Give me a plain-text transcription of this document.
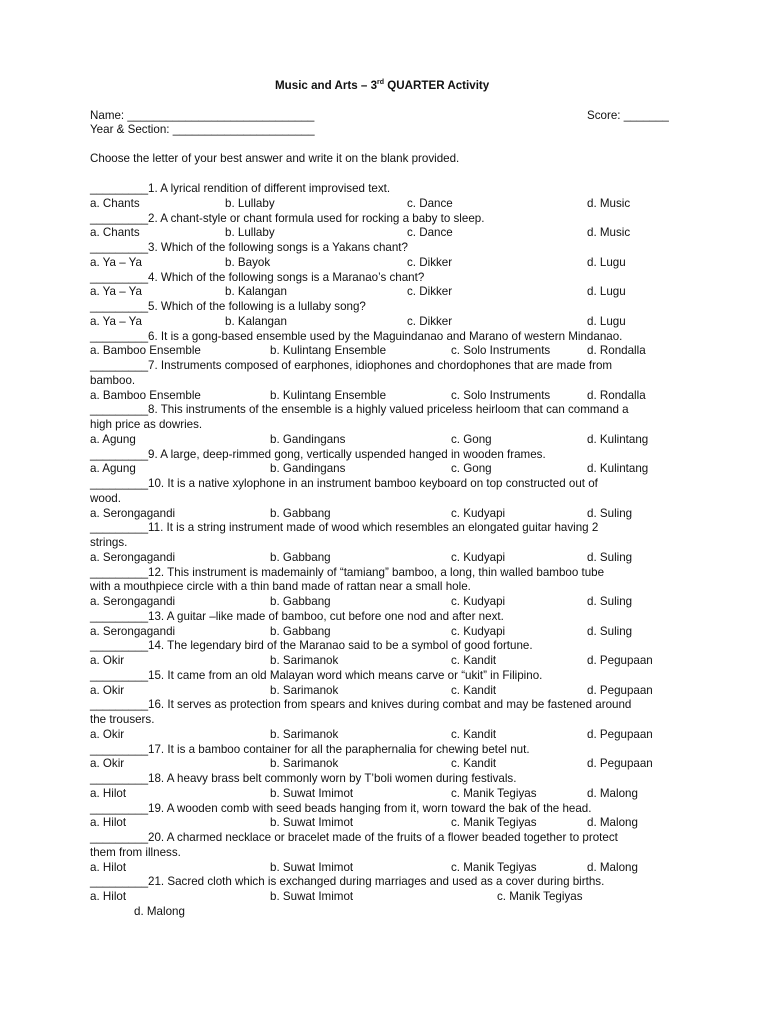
Music and Arts – 3rd QUARTER Activity
Name: _____________________________	Score: _______
Year & Section: ______________________
Choose the letter of your best answer and write it on the blank provided.
_________1. A lyrical rendition of different improvised text.
a. Chants	b. Lullaby	c. Dance	d. Music
_________2. A chant-style or chant formula used for rocking a baby to sleep.
a. Chants	b. Lullaby	c. Dance	d. Music
_________3. Which of the following songs is a Yakans chant?
a. Ya – Ya	b. Bayok	c. Dikker	d. Lugu
_________4. Which of the following songs is a Maranao’s chant?
a. Ya – Ya	b. Kalangan	c. Dikker	d. Lugu
_________5. Which of the following is a lullaby song?
a. Ya – Ya	b. Kalangan	c. Dikker	d. Lugu
_________6. It is a gong-based ensemble used by the Maguindanao and Marano of western Mindanao.
a. Bamboo Ensemble	b. Kulintang Ensemble	c. Solo Instruments	d. Rondalla
_________7. Instruments composed of earphones, idiophones and chordophones that are made from
bamboo.
a. Bamboo Ensemble	b. Kulintang Ensemble	c. Solo Instruments	d. Rondalla
_________8. This instruments of the ensemble is a highly valued priceless heirloom that can command a
high price as dowries.
a. Agung	b. Gandingans	c. Gong	d. Kulintang
_________9. A large, deep-rimmed gong, vertically uspended hanged in wooden frames.
a. Agung	b. Gandingans	c. Gong	d. Kulintang
_________10. It is a native xylophone in an instrument bamboo keyboard on top constructed out of
wood.
a. Serongagandi	b. Gabbang	c. Kudyapi	d. Suling
_________11. It is a string instrument made of wood which resembles an elongated guitar having 2
strings.
a. Serongagandi	b. Gabbang	c. Kudyapi	d. Suling
_________12. This instrument is mademainly of “tamiang” bamboo, a long, thin walled bamboo tube
with a mouthpiece circle with a thin band made of rattan near a small hole.
a. Serongagandi	b. Gabbang	c. Kudyapi	d. Suling
_________13. A guitar –like made of bamboo, cut before one nod and after next.
a. Serongagandi	b. Gabbang	c. Kudyapi	d. Suling
_________14. The legendary bird of the Maranao said to be a symbol of good fortune.
a. Okir	b. Sarimanok	c. Kandit	d. Pegupaan
_________15. It came from an old Malayan word which means carve or “ukit” in Filipino.
a. Okir	b. Sarimanok	c. Kandit	d. Pegupaan
_________16. It serves as protection from spears and knives during combat and may be fastened around
the trousers.
a. Okir	b. Sarimanok	c. Kandit	d. Pegupaan
_________17. It is a bamboo container for all the paraphernalia for chewing betel nut.
a. Okir	b. Sarimanok	c. Kandit	d. Pegupaan
_________18. A heavy brass belt commonly worn by T’boli women during festivals.
a. Hilot	b. Suwat Imimot	c. Manik Tegiyas	d. Malong
_________19. A wooden comb with seed beads hanging from it, worn toward the bak of the head.
a. Hilot	b. Suwat Imimot	c. Manik Tegiyas	d. Malong
_________20. A charmed necklace or bracelet made of the fruits of a flower beaded together to protect
them from illness.
a. Hilot	b. Suwat Imimot	c. Manik Tegiyas	d. Malong
_________21. Sacred cloth which is exchanged during marriages and used as a cover during births.
a. Hilot	b. Suwat Imimot	c. Manik Tegiyas
d. Malong
